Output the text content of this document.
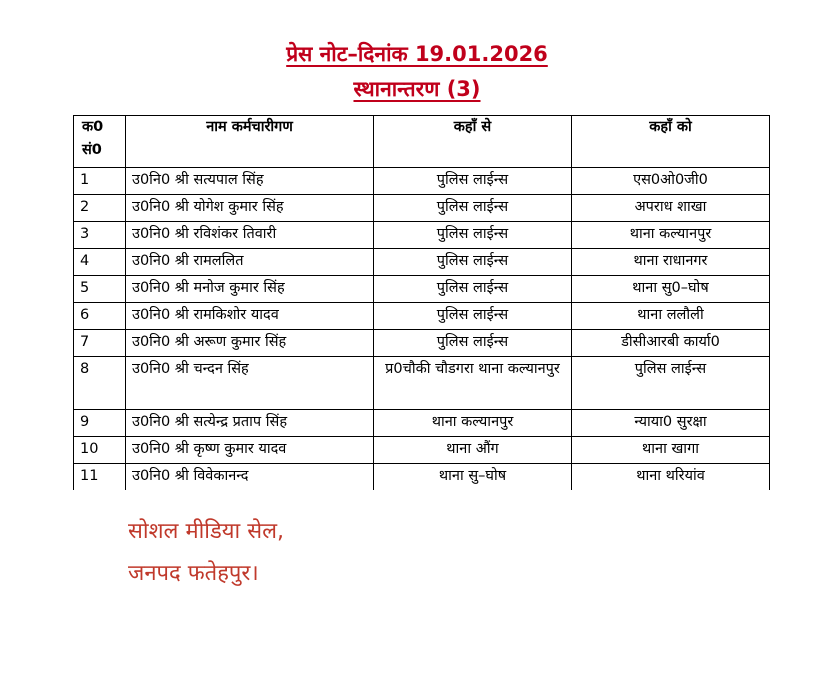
प्रेस नोट–दिनांक 19.01.2026
स्थानान्तरण (3)
क0 सं0	नाम कर्मचारीगण	कहाँ से	कहाँ को
1	उ0नि0 श्री सत्यपाल सिंह	पुलिस लाईन्स	एस0ओ0जी0
2	उ0नि0 श्री योगेश कुमार सिंह	पुलिस लाईन्स	अपराध शाखा
3	उ0नि0 श्री रविशंकर तिवारी	पुलिस लाईन्स	थाना कल्यानपुर
4	उ0नि0 श्री रामललित	पुलिस लाईन्स	थाना राधानगर
5	उ0नि0 श्री मनोज कुमार सिंह	पुलिस लाईन्स	थाना सु0–घोष
6	उ0नि0 श्री रामकिशोर यादव	पुलिस लाईन्स	थाना ललौली
7	उ0नि0 श्री अरूण कुमार सिंह	पुलिस लाईन्स	डीसीआरबी कार्या0
8	उ0नि0 श्री चन्दन सिंह	प्र0चौकी चौडगरा थाना कल्यानपुर	पुलिस लाईन्स
9	उ0नि0 श्री सत्येन्द्र प्रताप सिंह	थाना कल्यानपुर	न्याया0 सुरक्षा
10	उ0नि0 श्री कृष्ण कुमार यादव	थाना औंग	थाना खागा
11	उ0नि0 श्री विवेकानन्द	थाना सु–घोष	थाना थरियांव
सोशल मीडिया सेल,
जनपद फतेहपुर।
